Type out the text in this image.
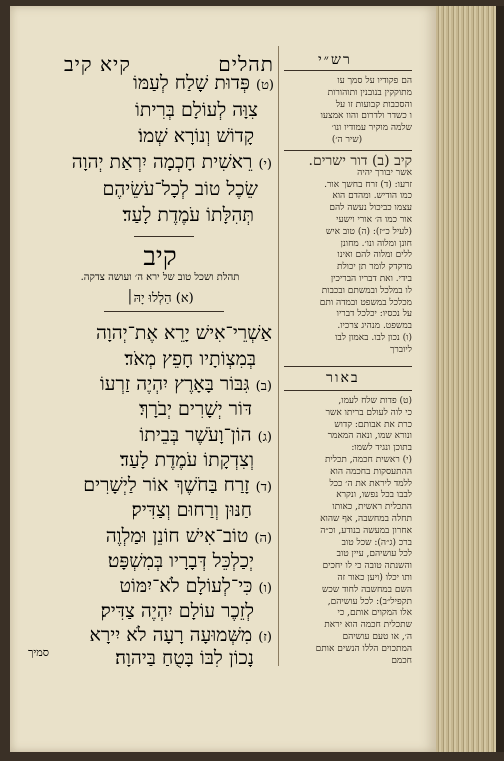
תהלים
קיא קיב
(ט) פְּדוּת שָׁלַח לְעַמּוֹ
צִוָּה לְעוֹלָם בְּרִיתוֹ
קָדוֹשׁ וְנוֹרָא שְׁמוֹ׃
(י) רֵאשִׁית חָכְמָה יִרְאַת יְהוָה
שֵׂכֶל טוֹב לְכָל־עֹשֵׂיהֶם
תְּהִלָּתוֹ עֹמֶדֶת לָעַד׃
קיב
תהלת ושכל טוב של ירא ה׳ ועושה צדקה.
(א) הַלְלוּ יָהּ׀
אַשְׁרֵי־אִישׁ יָרֵא אֶת־יְהוָה
בְּמִצְוֹתָיו חָפֵץ מְאֹד׃
(ב) גִּבּוֹר בָּאָרֶץ יִהְיֶה זַרְעוֹ
דּוֹר יְשָׁרִים יְבֹרָךְ׃
(ג) הוֹן־וָעֹשֶׁר בְּבֵיתוֹ
וְצִדְקָתוֹ עֹמֶדֶת לָעַד׃
(ד) זָרַח בַּחֹשֶׁךְ אוֹר לַיְשָׁרִים
חַנּוּן וְרַחוּם וְצַדִּיק׃
(ה) טוֹב־אִישׁ חוֹנֵן וּמַלְוֶה
יְכַלְכֵּל דְּבָרָיו בְּמִשְׁפָּט׃
(ו) כִּי־לְעוֹלָם לֹא־יִמּוֹט
לְזֵכֶר עוֹלָם יִהְיֶה צַדִּיק׃
(ז) מִשְּׁמוּעָה רָעָה לֹא יִירָא
נָכוֹן לִבּוֹ בָּטֻחַ בַּיהוָה׃
סמיך
רש״י
הם פקודיו על סמך עו
מתוקקין בנובנין ותוהורות
והסכבות קבועות זו על
ו כשדר ולדרום והוו אמצעו
שלמה מוקיר עמודיו ונו׳
(שיר ה׳)
קיב (ב) דור ישרים.
אשר יבורך יהיה
זרעו: (ד) זרח בחשך אור.
כמו הודיש. ומהדם הוא
עצמו כביכול נעשה להם
אור כמו ה׳ אורי וישעי
(לעיל כ״ז): (ה) טוב איש
חונן ומלוה ונו׳. מחונן
ללים ומלוה להם ואינו
מדקדק לומר תן יכולת
בידי. ואת דבריו הבריכין
לו במלכל ובמשתם ובכבות
מכלכל במשפט ובמדה ותם
על נכסיו: יכלכל דבריו
במשפט. מנהיג צרכיו.
(ו) נכון לבו. באמון לבו
ליוברך
באור
(ט) פדות שלח לעמו,
כי לוה לעולם בריתו אשר
כרת את אבותם: קדוש
ונורא שמו, ונאה המאמר
בתוכן ונגיד לשמו:
(י) ראשית חכמה, תכלית
ההתעסקות בחכמה הוא
ללמד ליראת את ה׳ ככל
לבבו בכל נפשו, ונקרא
התכלית ראשית, כאותו
תחלה במחשבה, אף שהוא
אחרון במעשה בנודע, וכ״ה
ברכ (ג״ה): שכל טוב
לכל עושיהם, עיין טוב
והשנתה טובה כי לו יחכים
ותו יכלו (ויען כאור זה
השם במחשבה לחוד שכש
תקפיל״ב): לכל עושיהם,
אלו המקוים אותם, כי
שתכלית חכמה הוא יראת
ה׳, או טעם עושיהם
המתכוים הללו הנשים אותם
חכמם
